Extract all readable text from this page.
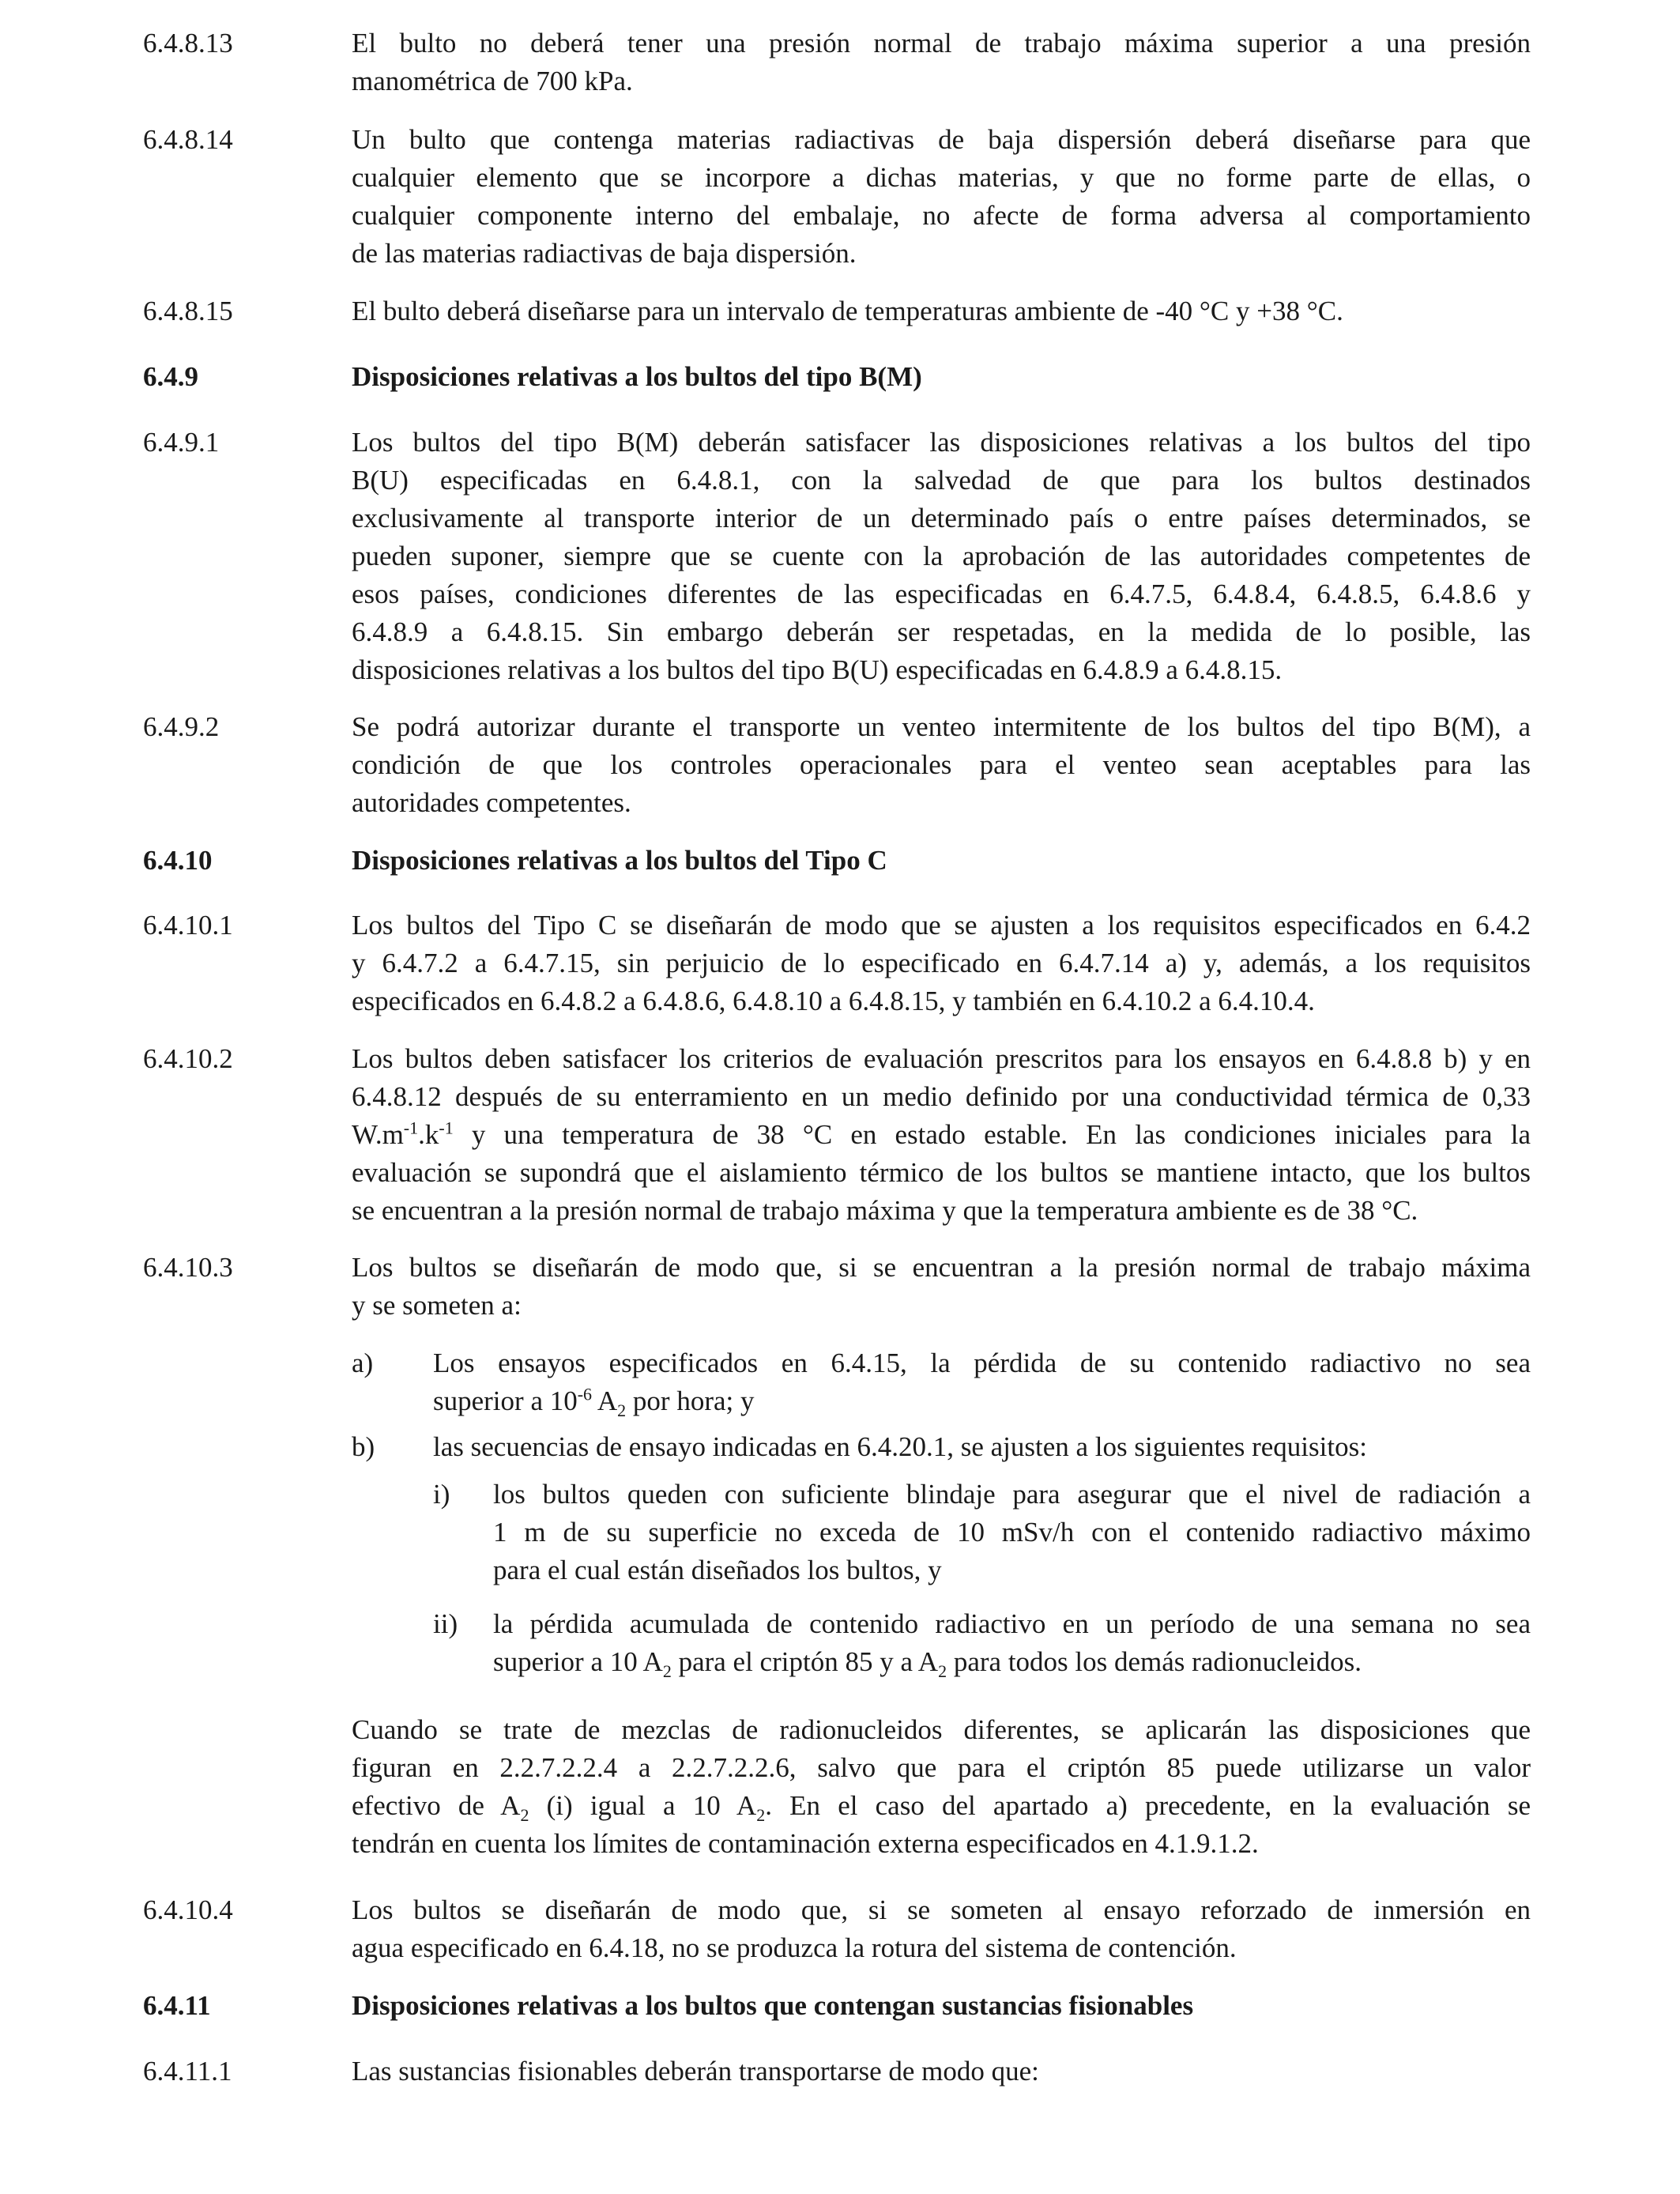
6.4.8.13	El bulto no deberá tener una presión normal de trabajo máxima superior a una presión
manométrica de 700 kPa.
6.4.8.14	Un bulto que contenga materias radiactivas de baja dispersión deberá diseñarse para que
cualquier elemento que se incorpore a dichas materias, y que no forme parte de ellas, o
cualquier componente interno del embalaje, no afecte de forma adversa al comportamiento
de las materias radiactivas de baja dispersión.
6.4.8.15	El bulto deberá diseñarse para un intervalo de temperaturas ambiente de -40 °C y +38 °C.
6.4.9	Disposiciones relativas a los bultos del tipo B(M)
6.4.9.1	Los bultos del tipo B(M) deberán satisfacer las disposiciones relativas a los bultos del tipo
B(U) especificadas en 6.4.8.1, con la salvedad de que para los bultos destinados
exclusivamente al transporte interior de un determinado país o entre países determinados, se
pueden suponer, siempre que se cuente con la aprobación de las autoridades competentes de
esos países, condiciones diferentes de las especificadas en 6.4.7.5, 6.4.8.4, 6.4.8.5, 6.4.8.6 y
6.4.8.9 a 6.4.8.15. Sin embargo deberán ser respetadas, en la medida de lo posible, las
disposiciones relativas a los bultos del tipo B(U) especificadas en 6.4.8.9 a 6.4.8.15.
6.4.9.2	Se podrá autorizar durante el transporte un venteo intermitente de los bultos del tipo B(M), a
condición de que los controles operacionales para el venteo sean aceptables para las
autoridades competentes.
6.4.10	Disposiciones relativas a los bultos del Tipo C
6.4.10.1	Los bultos del Tipo C se diseñarán de modo que se ajusten a los requisitos especificados en 6.4.2
y 6.4.7.2 a 6.4.7.15, sin perjuicio de lo especificado en 6.4.7.14 a) y, además, a los requisitos
especificados en 6.4.8.2 a 6.4.8.6, 6.4.8.10 a 6.4.8.15, y también en 6.4.10.2 a 6.4.10.4.
6.4.10.2	Los bultos deben satisfacer los criterios de evaluación prescritos para los ensayos en 6.4.8.8 b) y en
6.4.8.12 después de su enterramiento en un medio definido por una conductividad térmica de 0,33
$W.m^{-1}.k^{-1}$ y una temperatura de 38 °C en estado estable. En las condiciones iniciales para la
evaluación se supondrá que el aislamiento térmico de los bultos se mantiene intacto, que los bultos
se encuentran a la presión normal de trabajo máxima y que la temperatura ambiente es de 38 °C.
6.4.10.3	Los bultos se diseñarán de modo que, si se encuentran a la presión normal de trabajo máxima
y se someten a:
a) Los ensayos especificados en 6.4.15, la pérdida de su contenido radiactivo no sea
superior a $10^{-6}$ $A_2$ por hora; y
b) las secuencias de ensayo indicadas en 6.4.20.1, se ajusten a los siguientes requisitos:
i) los bultos queden con suficiente blindaje para asegurar que el nivel de radiación a
1 m de su superficie no exceda de 10 mSv/h con el contenido radiactivo máximo
para el cual están diseñados los bultos, y
ii) la pérdida acumulada de contenido radiactivo en un período de una semana no sea
superior a 10 $A_2$ para el criptón 85 y a $A_2$ para todos los demás radionucleidos.
Cuando se trate de mezclas de radionucleidos diferentes, se aplicarán las disposiciones que
figuran en 2.2.7.2.2.4 a 2.2.7.2.2.6, salvo que para el criptón 85 puede utilizarse un valor
efectivo de $A_2$ (i) igual a 10 $A_2$. En el caso del apartado a) precedente, en la evaluación se
tendrán en cuenta los límites de contaminación externa especificados en 4.1.9.1.2.
6.4.10.4	Los bultos se diseñarán de modo que, si se someten al ensayo reforzado de inmersión en
agua especificado en 6.4.18, no se produzca la rotura del sistema de contención.
6.4.11	Disposiciones relativas a los bultos que contengan sustancias fisionables
6.4.11.1	Las sustancias fisionables deberán transportarse de modo que:
